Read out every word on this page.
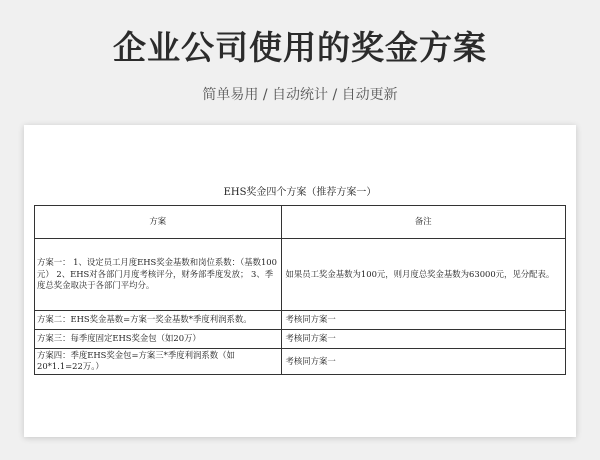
企业公司使用的奖金方案
简单易用 / 自动统计 / 自动更新
EHS奖金四个方案（推荐方案一）
方案	备注
方案一： 1、设定员工月度EHS奖金基数和岗位系数：（基数100元） 2、EHS对各部门月度考核评分，财务部季度发放； 3、季度总奖金取决于各部门平均分。	如果员工奖金基数为100元，则月度总奖金基数为63000元，见分配表。
方案二：EHS奖金基数=方案一奖金基数*季度利润系数。	考核同方案一
方案三：每季度固定EHS奖金包（如20万）	考核同方案一
方案四：季度EHS奖金包=方案三*季度利润系数（如20*1.1=22万。）	考核同方案一
